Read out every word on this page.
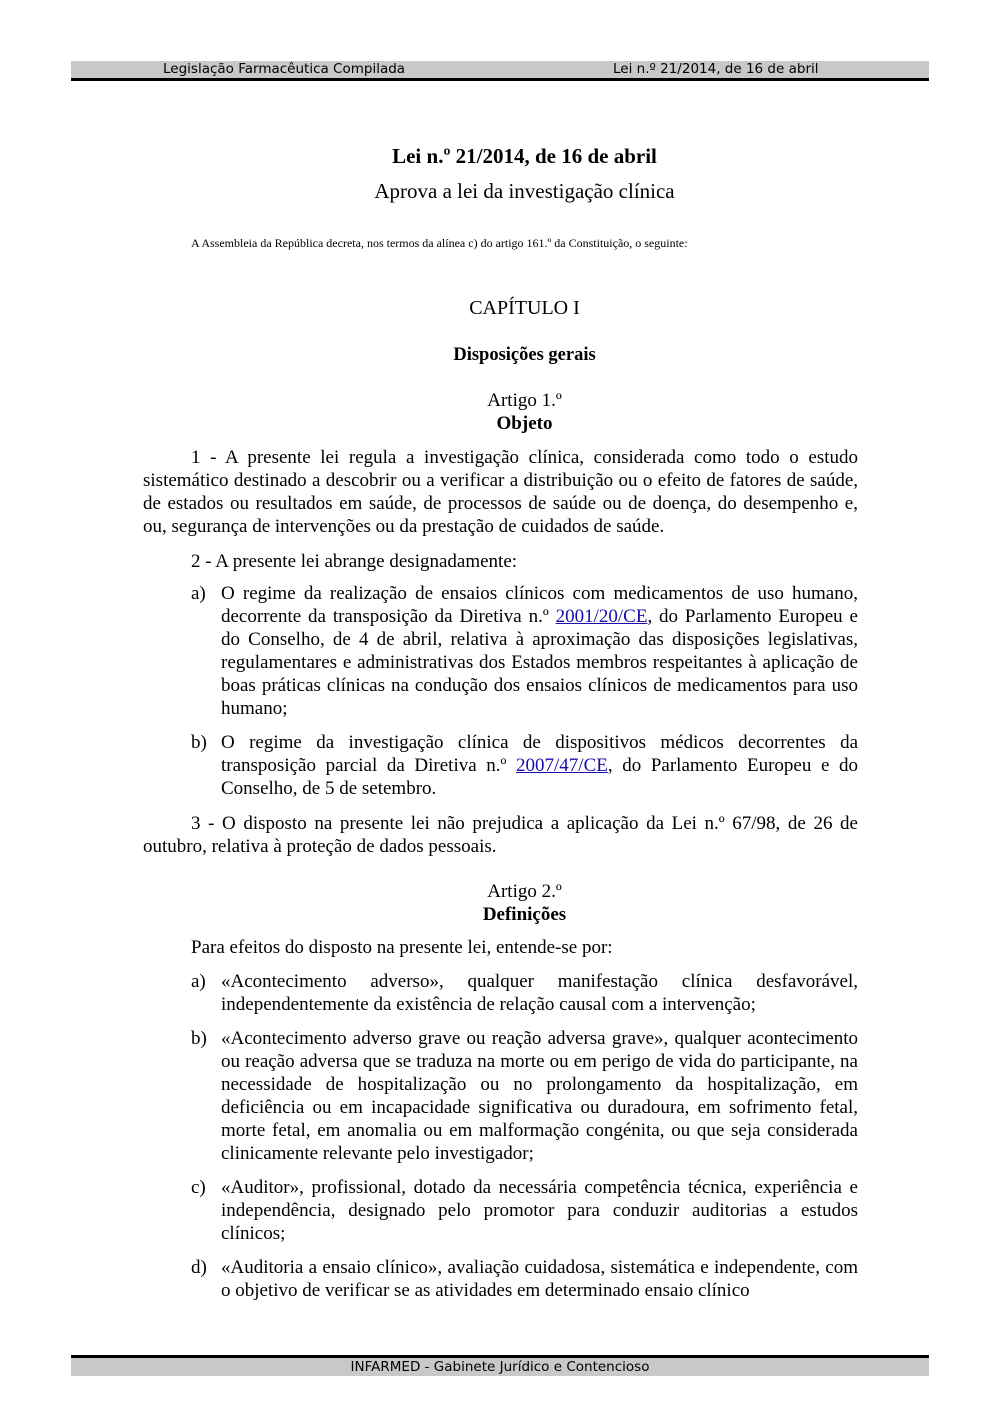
Legislação Farmacêutica Compilada	Lei n.º 21/2014, de 16 de abril
Lei n.º 21/2014, de 16 de abril
Aprova a lei da investigação clínica
A Assembleia da República decreta, nos termos da alínea c) do artigo 161.º da Constituição, o seguinte:
CAPÍTULO I
Disposições gerais
Artigo 1.º
Objeto
1 - A presente lei regula a investigação clínica, considerada como todo o estudo sistemático destinado a descobrir ou a verificar a distribuição ou o efeito de fatores de saúde, de estados ou resultados em saúde, de processos de saúde ou de doença, do desempenho e, ou, segurança de intervenções ou da prestação de cuidados de saúde.
2 - A presente lei abrange designadamente:
a) O regime da realização de ensaios clínicos com medicamentos de uso humano, decorrente da transposição da Diretiva n.º 2001/20/CE, do Parlamento Europeu e do Conselho, de 4 de abril, relativa à aproximação das disposições legislativas, regulamentares e administrativas dos Estados membros respeitantes à aplicação de boas práticas clínicas na condução dos ensaios clínicos de medicamentos para uso humano;
b) O regime da investigação clínica de dispositivos médicos decorrentes da transposição parcial da Diretiva n.º 2007/47/CE, do Parlamento Europeu e do Conselho, de 5 de setembro.
3 - O disposto na presente lei não prejudica a aplicação da Lei n.º 67/98, de 26 de outubro, relativa à proteção de dados pessoais.
Artigo 2.º
Definições
Para efeitos do disposto na presente lei, entende-se por:
a) «Acontecimento adverso», qualquer manifestação clínica desfavorável, independentemente da existência de relação causal com a intervenção;
b) «Acontecimento adverso grave ou reação adversa grave», qualquer acontecimento ou reação adversa que se traduza na morte ou em perigo de vida do participante, na necessidade de hospitalização ou no prolongamento da hospitalização, em deficiência ou em incapacidade significativa ou duradoura, em sofrimento fetal, morte fetal, em anomalia ou em malformação congénita, ou que seja considerada clinicamente relevante pelo investigador;
c) «Auditor», profissional, dotado da necessária competência técnica, experiência e independência, designado pelo promotor para conduzir auditorias a estudos clínicos;
d) «Auditoria a ensaio clínico», avaliação cuidadosa, sistemática e independente, com o objetivo de verificar se as atividades em determinado ensaio clínico
INFARMED - Gabinete Jurídico e Contencioso
